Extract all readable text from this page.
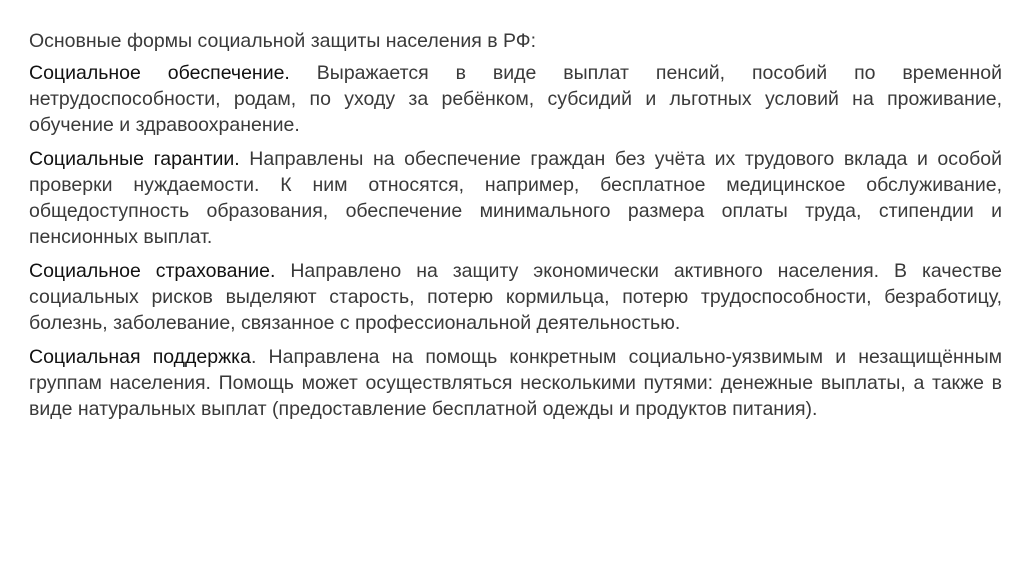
Основные формы социальной защиты населения в РФ:

Социальное обеспечение. Выражается в виде выплат пенсий, пособий по временной нетрудоспособности, родам, по уходу за ребёнком, субсидий и льготных условий на проживание, обучение и здравоохранение.

Социальные гарантии. Направлены на обеспечение граждан без учёта их трудового вклада и особой проверки нуждаемости. К ним относятся, например, бесплатное медицинское обслуживание, общедоступность образования, обеспечение минимального размера оплаты труда, стипендии и пенсионных выплат.

Социальное страхование. Направлено на защиту экономически активного населения. В качестве социальных рисков выделяют старость, потерю кормильца, потерю трудоспособности, безработицу, болезнь, заболевание, связанное с профессиональной деятельностью.

Социальная поддержка. Направлена на помощь конкретным социально-уязвимым и незащищённым группам населения. Помощь может осуществляться несколькими путями: денежные выплаты, а также в виде натуральных выплат (предоставление бесплатной одежды и продуктов питания).
